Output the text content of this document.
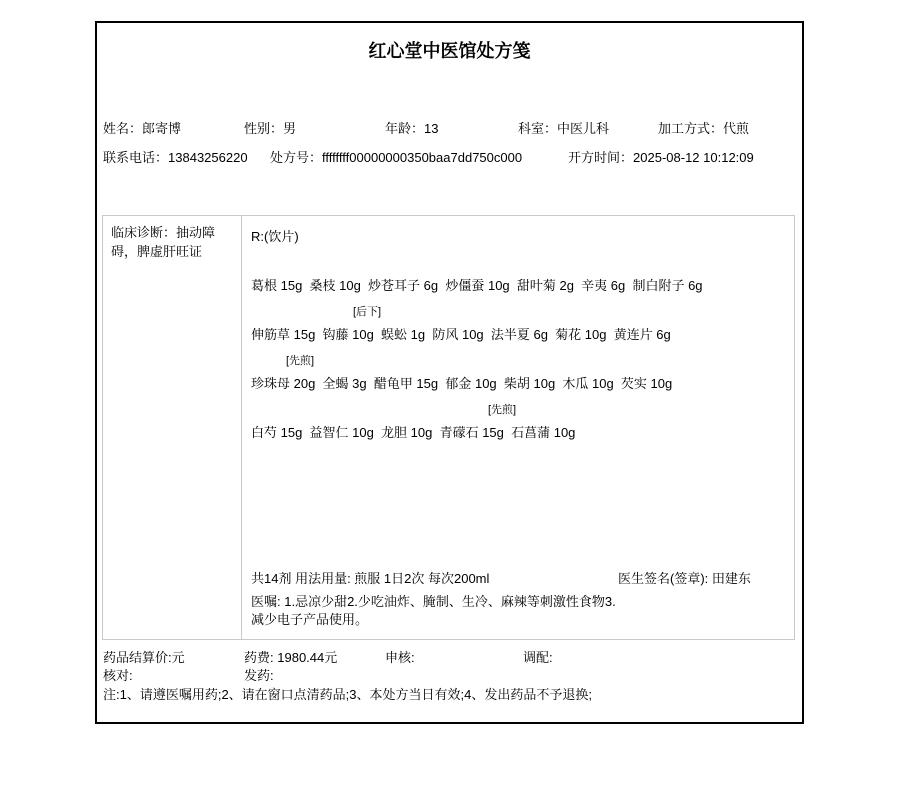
红心堂中医馆处方笺
姓名：郎寄博	性别：男	年龄：13	科室：中医儿科	加工方式：代煎
联系电话：13843256220 处方号：ffffffff00000000350baa7dd750c000	开方时间：2025-08-12 10:12:09
临床诊断：抽动障碍，脾虚肝旺证
R:(饮片)
葛根 15g  桑枝 10g  炒苍耳子 6g  炒僵蚕 10g  甜叶菊 2g  辛夷 6g  制白附子 6g
[后下]
伸筋草 15g  钩藤 10g  蜈蚣 1g  防风 10g  法半夏 6g  菊花 10g  黄连片 6g
[先煎]
珍珠母 20g  全蝎 3g  醋龟甲 15g  郁金 10g  柴胡 10g  木瓜 10g  芡实 10g
[先煎]
白芍 15g  益智仁 10g  龙胆 10g  青礞石 15g  石菖蒲 10g
共14剂 用法用量: 煎服 1日2次 每次200ml	医生签名(签章): 田建东
医嘱: 1.忌凉少甜2.少吃油炸、腌制、生冷、麻辣等刺激性食物3.
减少电子产品使用。
药品结算价:元	药费: 1980.44元	申核:	调配:
核对:	发药:
注:1、请遵医嘱用药;2、请在窗口点清药品;3、本处方当日有效;4、发出药品不予退换;
